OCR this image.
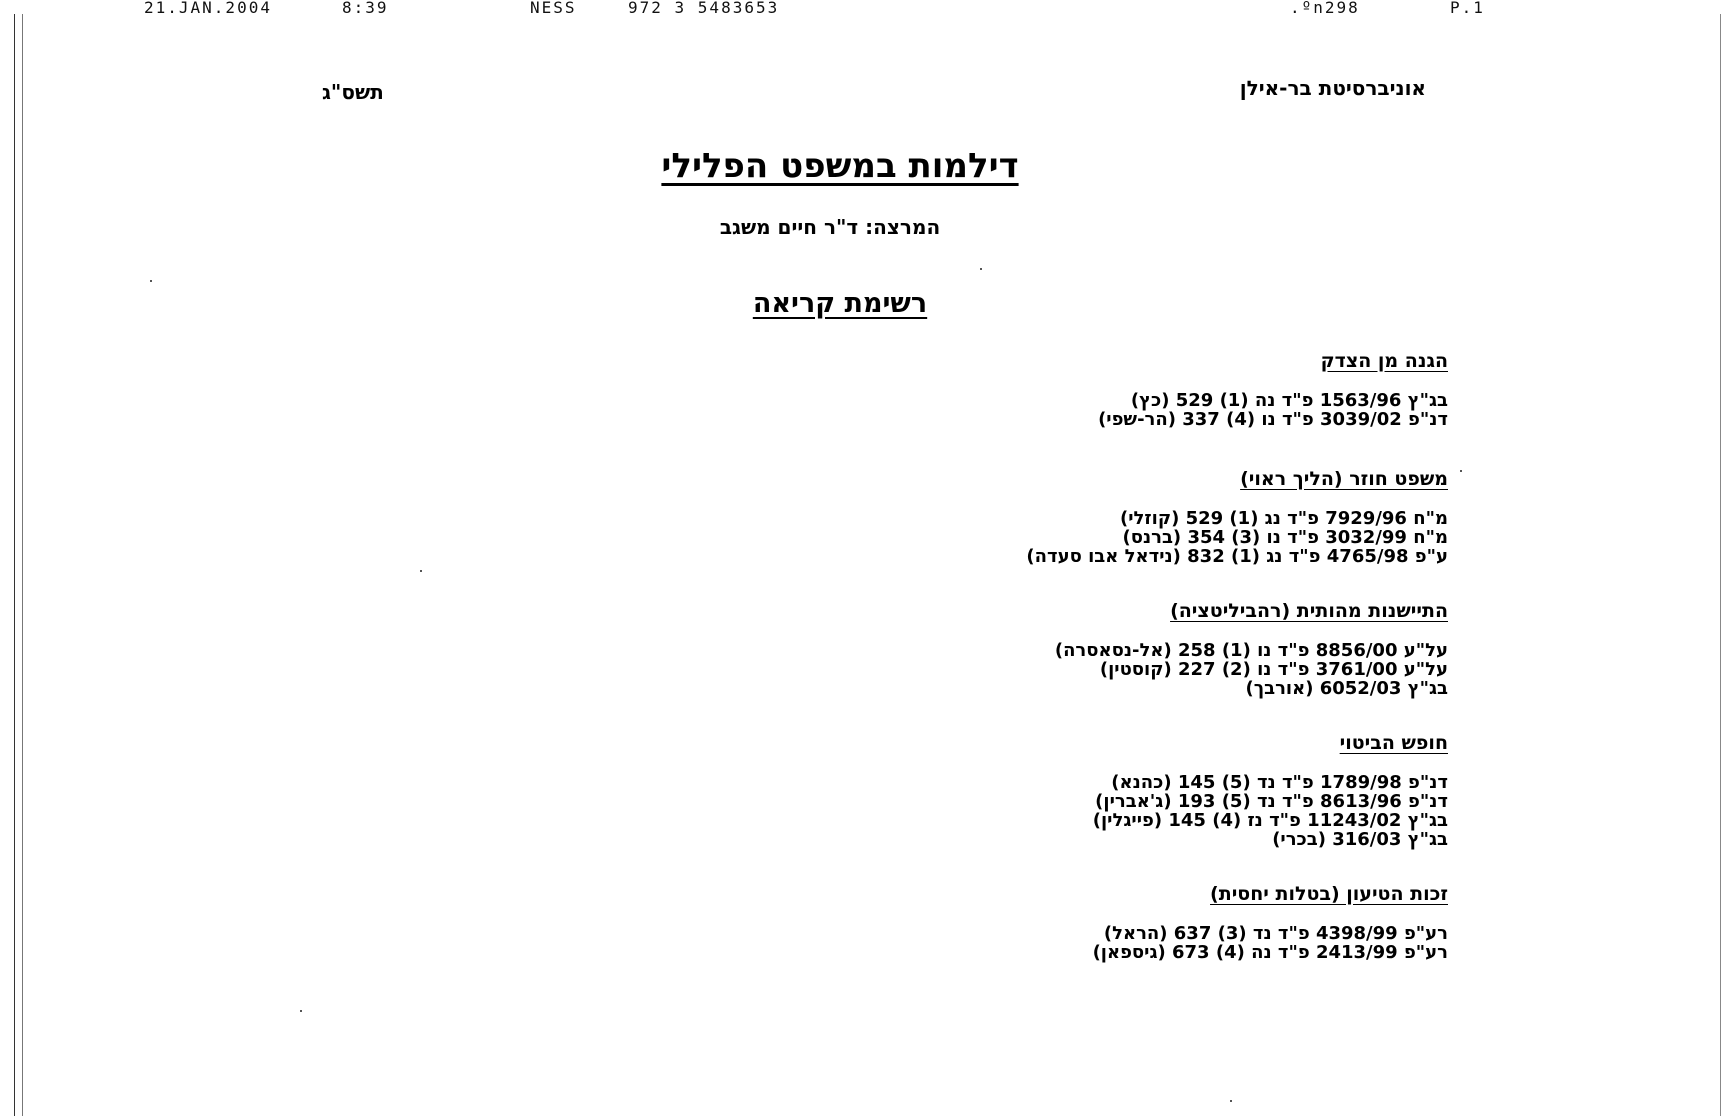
21.JAN.2004	8:39	NESS	972 3 5483653	.ºn298	P.1
אוניברסיטת בר-אילן
תשס"ג
דילמות במשפט הפלילי
המרצה: ד"ר חיים משגב
רשימת קריאה
הגנה מן הצדק
בג"ץ 1563/96 פ"ד נה (1) 529 (כץ)
דנ"פ 3039/02 פ"ד נו (4) 337 (הר-שפי)
משפט חוזר (הליך ראוי)
מ"ח 7929/96 פ"ד נג (1) 529 (קוזלי)
מ"ח 3032/99 פ"ד נו (3) 354 (ברנס)
ע"פ 4765/98 פ"ד נג (1) 832 (נידאל אבו סעדה)
התיישנות מהותית (רהביליטציה)
על"ע 8856/00 פ"ד נו (1) 258 (אל-נסאסרה)
על"ע 3761/00 פ"ד נו (2) 227 (קוסטין)
בג"ץ 6052/03 (אורבך)
חופש הביטוי
דנ"פ 1789/98 פ"ד נד (5) 145 (כהנא)
דנ"פ 8613/96 פ"ד נד (5) 193 (ג'אברין)
בג"ץ 11243/02 פ"ד נז (4) 145 (פייגלין)
בג"ץ 316/03 (בכרי)
זכות הטיעון (בטלות יחסית)
רע"פ 4398/99 פ"ד נד (3) 637 (הראל)
רע"פ 2413/99 פ"ד נה (4) 673 (גיספאן)
